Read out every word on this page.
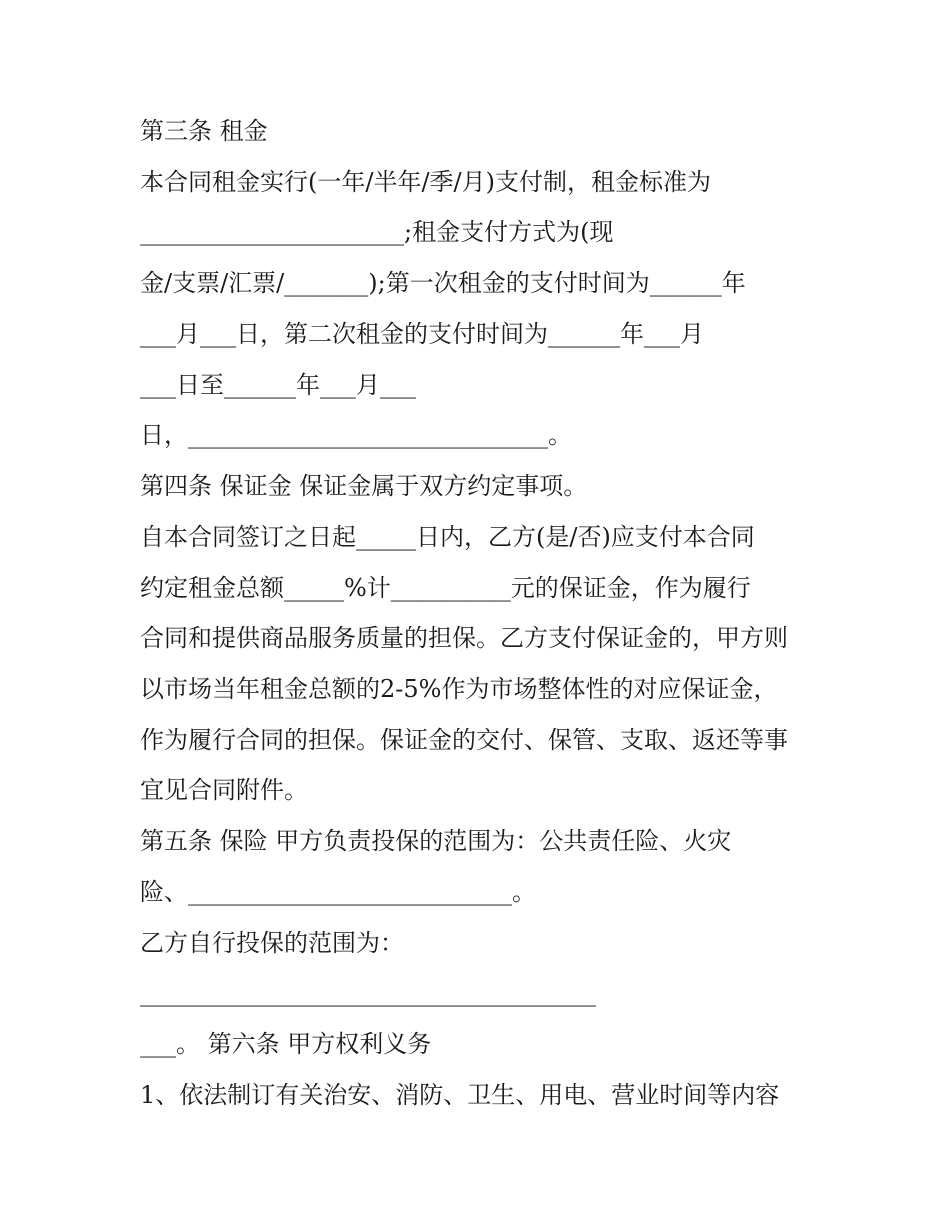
第三条 租金
本合同租金实行(一年/半年/季/月)支付制，租金标准为
______________________;租金支付方式为(现
金/支票/汇票/_______);第一次租金的支付时间为______年
___月___日，第二次租金的支付时间为______年___月
___日至______年___月___
日，______________________________。
第四条 保证金 保证金属于双方约定事项。
自本合同签订之日起_____日内，乙方(是/否)应支付本合同
约定租金总额_____%计__________元的保证金，作为履行
合同和提供商品服务质量的担保。乙方支付保证金的，甲方则
以市场当年租金总额的2-5%作为市场整体性的对应保证金，
作为履行合同的担保。保证金的交付、保管、支取、返还等事
宜见合同附件。
第五条 保险 甲方负责投保的范围为：公共责任险、火灾
险、___________________________。
乙方自行投保的范围为：
______________________________________
___。 第六条 甲方权利义务
1、依法制订有关治安、消防、卫生、用电、营业时间等内容
